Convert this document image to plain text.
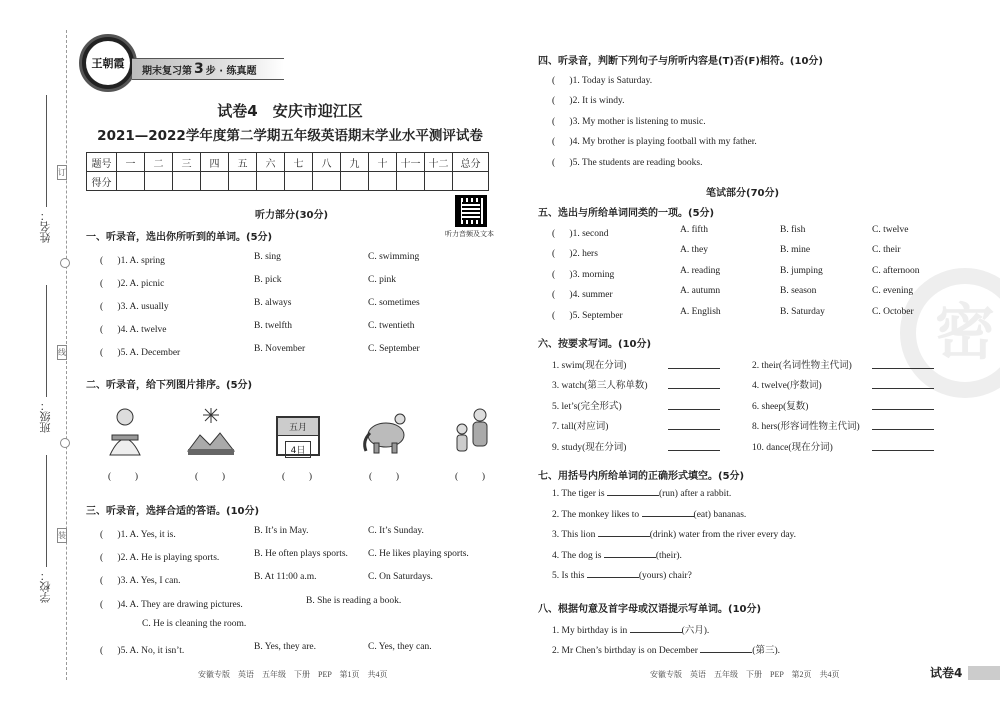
姓名：
班级：
学校：
订
线
装
王朝霞
期末复习第 3 步 · 练真题
试卷4　安庆市迎江区
2021—2022学年度第二学期五年级英语期末学业水平测评试卷
题号	一	二	三	四	五	六	七	八	九	十	十一	十二	总分
得分													
听力音频及文本
听力部分(30分)
一、听录音，选出你所听到的单词。(5分)
( 　 )1. A. spring	B. sing	C. swimming
( 　 )2. A. picnic	B. pick	C. pink
( 　 )3. A. usually	B. always	C. sometimes
( 　 )4. A. twelve	B. twelfth	C. twentieth
( 　 )5. A. December	B. November	C. September
二、听录音，给下列图片排序。(5分)
五月
4日
( 　　 )	( 　　 )	( 　　 )	( 　　 )	( 　　 )
三、听录音，选择合适的答语。(10分)
( 　 )1. A. Yes, it is.	B. It’s in May.	C. It’s Sunday.
( 　 )2. A. He is playing sports.	B. He often plays sports. C. He likes playing sports.
( 　 )3. A. Yes, I can.	B. At 11:00 a.m.	C. On Saturdays.
( 　 )4. A. They are drawing pictures.	B. She is reading a book.
C. He is cleaning the room.
( 　 )5. A. No, it isn’t.	B. Yes, they are.	C. Yes, they can.
安徽专版　英语　五年级　下册　PEP　第1页　共4页
密
四、听录音，判断下列句子与所听内容是(T)否(F)相符。(10分)
( 　 )1. Today is Saturday.
( 　 )2. It is windy.
( 　 )3. My mother is listening to music.
( 　 )4. My brother is playing football with my father.
( 　 )5. The students are reading books.
笔试部分(70分)
五、选出与所给单词同类的一项。(5分)
( 　 )1. second	A. fifth	B. fish	C. twelve
( 　 )2. hers	A. they	B. mine	C. their
( 　 )3. morning	A. reading	B. jumping	C. afternoon
( 　 )4. summer	A. autumn	B. season	C. evening
( 　 )5. September	A. English	B. Saturday	C. October
六、按要求写词。(10分)
1. swim(现在分词)	2. their(名词性物主代词)
3. watch(第三人称单数)	4. twelve(序数词)
5. let’s(完全形式)	6. sheep(复数)
7. tall(对应词)	8. hers(形容词性物主代词)
9. study(现在分词)	10. dance(现在分词)
七、用括号内所给单词的正确形式填空。(5分)
1. The tiger is	(run) after a rabbit.
2. The monkey likes to	(eat) bananas.
3. This lion	(drink) water from the river every day.
4. The dog is	(their).
5. Is this	(yours) chair?
八、根据句意及首字母或汉语提示写单词。(10分)
1. My birthday is in	(六月).
2. Mr Chen’s birthday is on December	(第三).
安徽专版　英语　五年级　下册　PEP　第2页　共4页	试卷4
